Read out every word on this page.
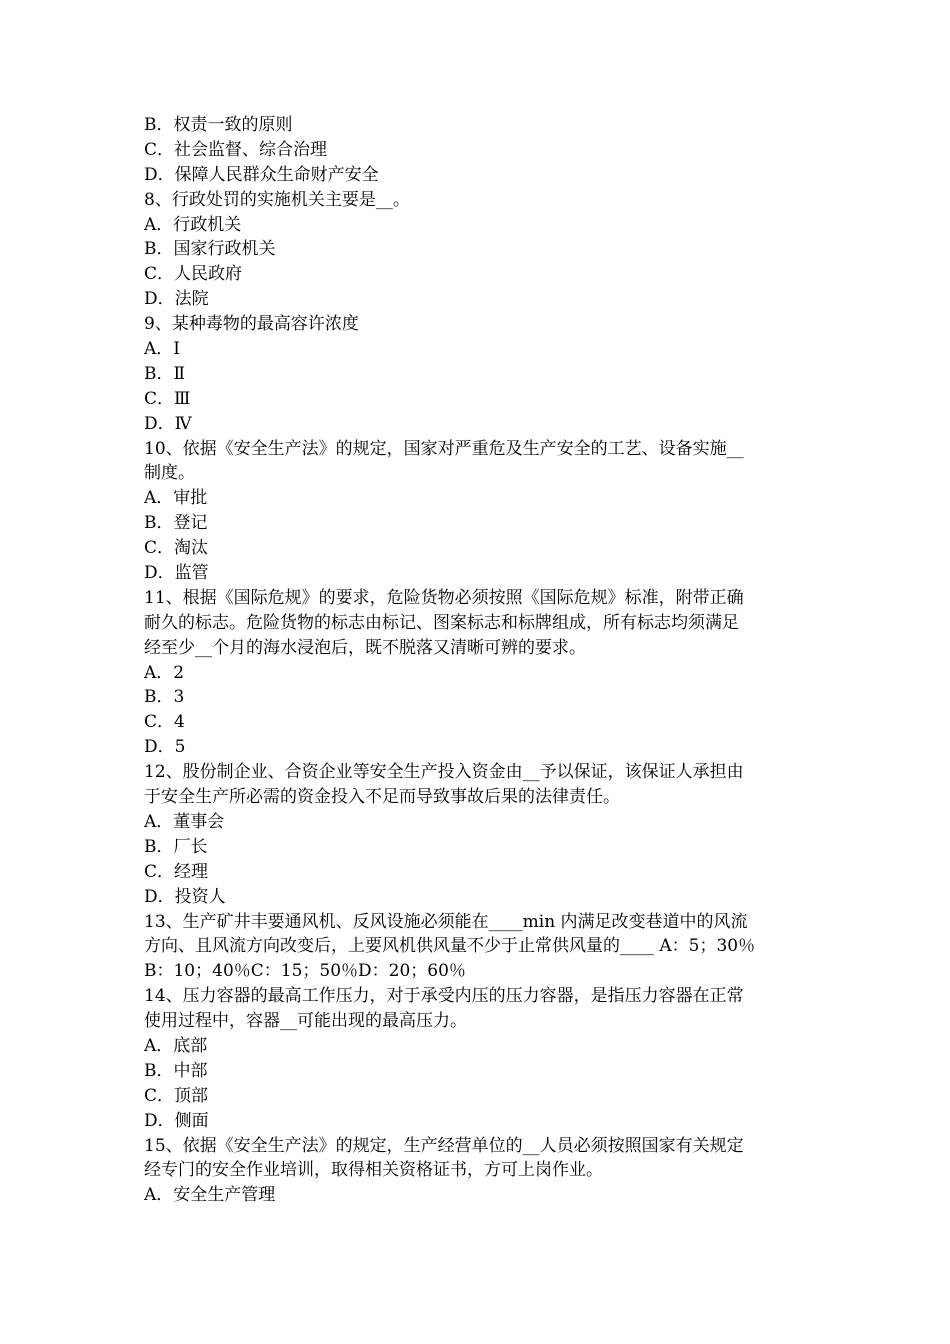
B．权责一致的原则
C．社会监督、综合治理
D．保障人民群众生命财产安全
8、行政处罚的实施机关主要是__。
A．行政机关
B．国家行政机关
C．人民政府
D．法院
9、某种毒物的最高容许浓度
A．Ⅰ
B．Ⅱ
C．Ⅲ
D．Ⅳ
10、依据《安全生产法》的规定，国家对严重危及生产安全的工艺、设备实施__
制度。
A．审批
B．登记
C．淘汰
D．监管
11、根据《国际危规》的要求，危险货物必须按照《国际危规》标准，附带正确
耐久的标志。危险货物的标志由标记、图案标志和标牌组成，所有标志均须满足
经至少__个月的海水浸泡后，既不脱落又清晰可辨的要求。
A．2
B．3
C．4
D．5
12、股份制企业、合资企业等安全生产投入资金由__予以保证，该保证人承担由
于安全生产所必需的资金投入不足而导致事故后果的法律责任。
A．董事会
B．厂长
C．经理
D．投资人
13、生产矿井丰要通风机、反风设施必须能在____min 内满足改变巷道中的风流
方向、且风流方向改变后，上要风机供风量不少于止常供风量的____ A：5；30％
B：10；40％C：15；50％D：20；60％
14、压力容器的最高工作压力，对于承受内压的压力容器，是指压力容器在正常
使用过程中，容器__可能出现的最高压力。
A．底部
B．中部
C．顶部
D．侧面
15、依据《安全生产法》的规定，生产经营单位的__人员必须按照国家有关规定
经专门的安全作业培训，取得相关资格证书，方可上岗作业。
A．安全生产管理
